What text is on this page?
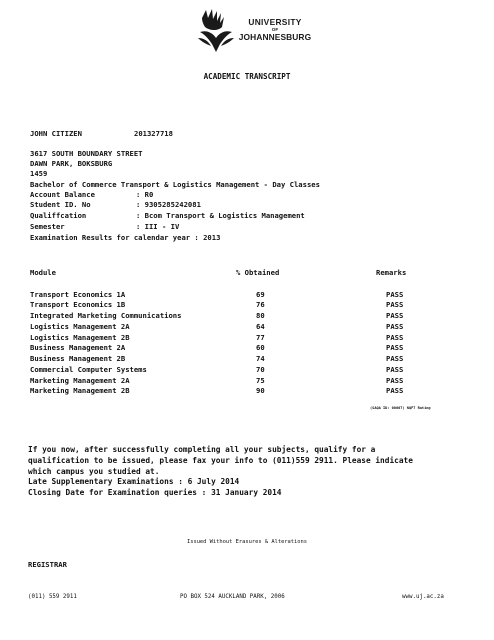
UNIVERSITY
OF
JOHANNESBURG
ACADEMIC TRANSCRIPT
JOHN CITIZEN	201327718
3617 SOUTH BOUNDARY STREET
DAWN PARK, BOKSBURG
1459
Bachelor of Commerce Transport & Logistics Management - Day Classes
Account Balance	: R0
Student ID. No	: 9305285242081
Qualiffcation	: Bcom Transport & Logistics Management
Semester	: III - IV
Examination Results for calendar year : 2013
Module	% Obtained	Remarks
Transport Economics 1A	69	PASS
Transport Economics 1B	76	PASS
Integrated Marketing Communications	80	PASS
Logistics Management 2A	64	PASS
Logistics Management 2B	77	PASS
Business Management 2A	60	PASS
Business Management 2B	74	PASS
Commercial Computer Systems	70	PASS
Marketing Management 2A	75	PASS
Marketing Management 2B	90	PASS
(SAQA ID: 00007) NQF7 Rating
If you now, after successfully completing all your subjects, qualify for a
qualification to be issued, please fax your info to (011)559 2911. Please indicate
which campus you studied at.
Late Supplementary Examinations : 6 July 2014
Closing Date for Examination queries : 31 January 2014
Issued Without Erasures & Alterations
REGISTRAR
(011) 559 2911	PO BOX 524 AUCKLAND PARK, 2006	www.uj.ac.za
